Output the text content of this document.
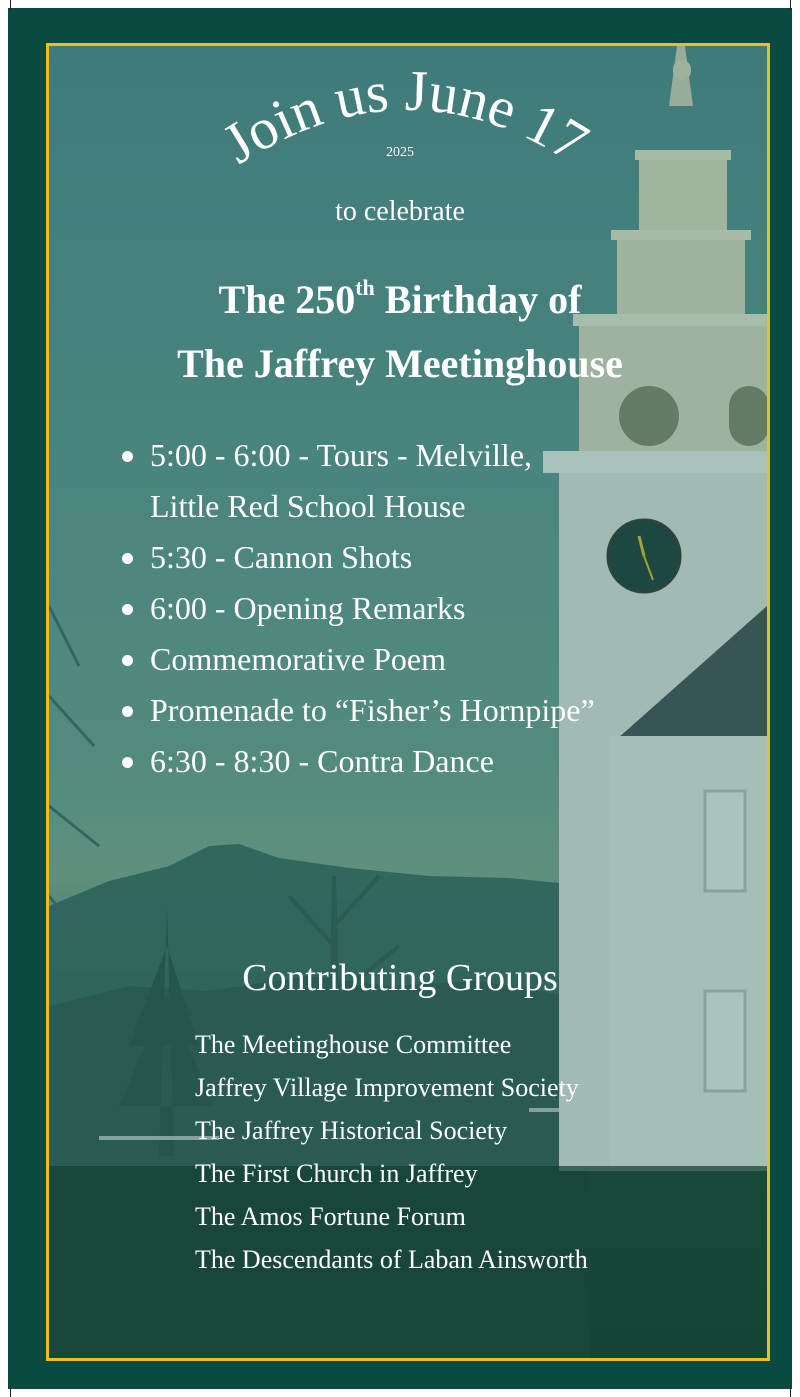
Join us June 17

2025

to celebrate

The 250th Birthday of

The Jaffrey Meetinghouse

5:00 - 6:00 - Tours - Melville,
Little Red School House
5:30 - Cannon Shots
6:00 - Opening Remarks
Commemorative Poem
Promenade to “Fisher’s Hornpipe”
6:30 - 8:30 - Contra Dance

Contributing Groups

The Meetinghouse Committee
Jaffrey Village Improvement Society
The Jaffrey Historical Society
The First Church in Jaffrey
The Amos Fortune Forum
The Descendants of Laban Ainsworth
